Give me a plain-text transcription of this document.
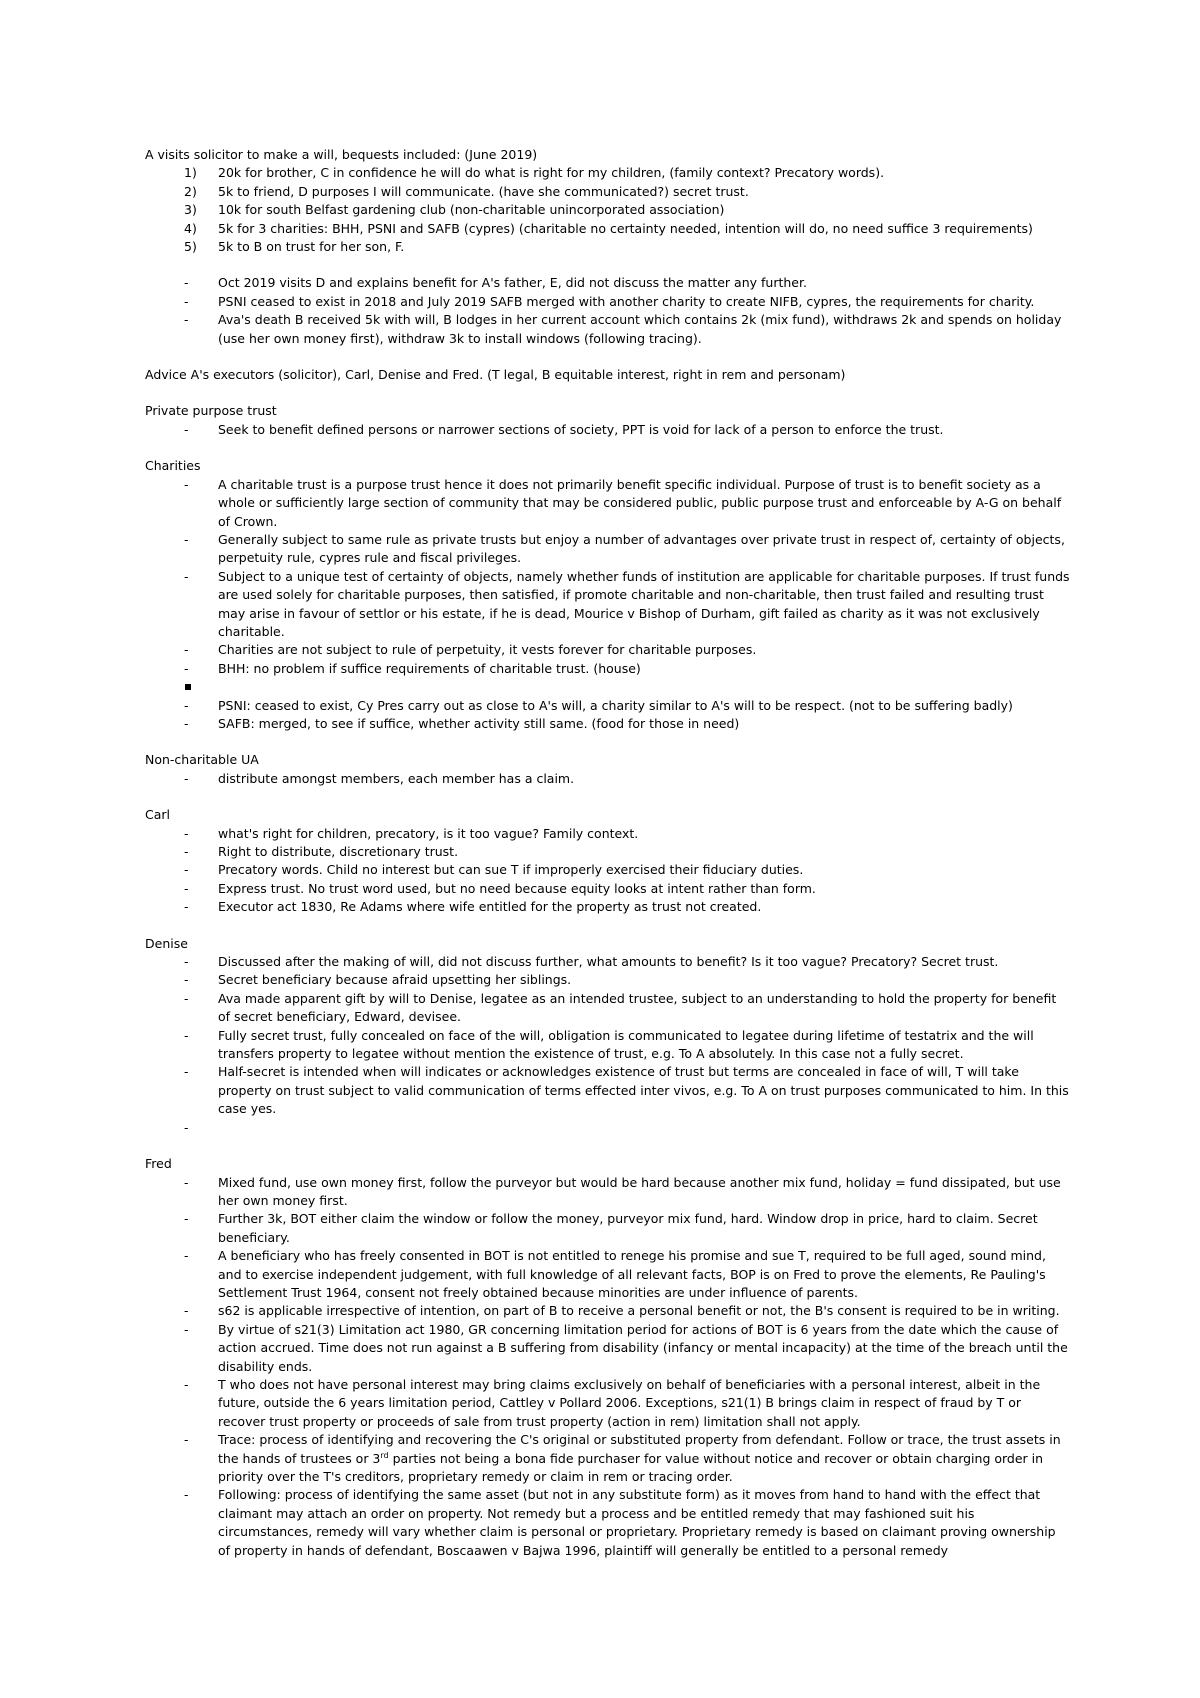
A visits solicitor to make a will, bequests included: (June 2019)

1) 20k for brother, C in confidence he will do what is right for my children, (family context? Precatory words).
2) 5k to friend, D purposes I will communicate. (have she communicated?) secret trust.
3) 10k for south Belfast gardening club (non-charitable unincorporated association)
4) 5k for 3 charities: BHH, PSNI and SAFB (cypres) (charitable no certainty needed, intention will do, no need suffice 3 requirements)
5) 5k to B on trust for her son, F.
- Oct 2019 visits D and explains benefit for A's father, E, did not discuss the matter any further.
- PSNI ceased to exist in 2018 and July 2019 SAFB merged with another charity to create NIFB, cypres, the requirements for charity.
- Ava's death B received 5k with will, B lodges in her current account which contains 2k (mix fund), withdraws 2k and spends on holiday (use her own money first), withdraw 3k to install windows (following tracing).

Advice A's executors (solicitor), Carl, Denise and Fred. (T legal, B equitable interest, right in rem and personam)

Private purpose trust

- Seek to benefit defined persons or narrower sections of society, PPT is void for lack of a person to enforce the trust.

Charities

- A charitable trust is a purpose trust hence it does not primarily benefit specific individual. Purpose of trust is to benefit society as a whole or sufficiently large section of community that may be considered public, public purpose trust and enforceable by A-G on behalf of Crown.
- Generally subject to same rule as private trusts but enjoy a number of advantages over private trust in respect of, certainty of objects, perpetuity rule, cypres rule and fiscal privileges.
- Subject to a unique test of certainty of objects, namely whether funds of institution are applicable for charitable purposes. If trust funds are used solely for charitable purposes, then satisfied, if promote charitable and non-charitable, then trust failed and resulting trust may arise in favour of settlor or his estate, if he is dead, Mourice v Bishop of Durham, gift failed as charity as it was not exclusively charitable.
- Charities are not subject to rule of perpetuity, it vests forever for charitable purposes.
- BHH: no problem if suffice requirements of charitable trust. (house)

- PSNI: ceased to exist, Cy Pres carry out as close to A's will, a charity similar to A's will to be respect. (not to be suffering badly)
- SAFB: merged, to see if suffice, whether activity still same. (food for those in need)

Non-charitable UA

- distribute amongst members, each member has a claim.

Carl

- what's right for children, precatory, is it too vague? Family context.
- Right to distribute, discretionary trust.
- Precatory words. Child no interest but can sue T if improperly exercised their fiduciary duties.
- Express trust. No trust word used, but no need because equity looks at intent rather than form.
- Executor act 1830, Re Adams where wife entitled for the property as trust not created.

Denise

- Discussed after the making of will, did not discuss further, what amounts to benefit? Is it too vague? Precatory? Secret trust.
- Secret beneficiary because afraid upsetting her siblings.
- Ava made apparent gift by will to Denise, legatee as an intended trustee, subject to an understanding to hold the property for benefit of secret beneficiary, Edward, devisee.
- Fully secret trust, fully concealed on face of the will, obligation is communicated to legatee during lifetime of testatrix and the will transfers property to legatee without mention the existence of trust, e.g. To A absolutely. In this case not a fully secret.
- Half-secret is intended when will indicates or acknowledges existence of trust but terms are concealed in face of will, T will take property on trust subject to valid communication of terms effected inter vivos, e.g. To A on trust purposes communicated to him. In this case yes.
-

Fred

- Mixed fund, use own money first, follow the purveyor but would be hard because another mix fund, holiday = fund dissipated, but use her own money first.
- Further 3k, BOT either claim the window or follow the money, purveyor mix fund, hard. Window drop in price, hard to claim. Secret beneficiary.
- A beneficiary who has freely consented in BOT is not entitled to renege his promise and sue T, required to be full aged, sound mind, and to exercise independent judgement, with full knowledge of all relevant facts, BOP is on Fred to prove the elements, Re Pauling's Settlement Trust 1964, consent not freely obtained because minorities are under influence of parents.
- s62 is applicable irrespective of intention, on part of B to receive a personal benefit or not, the B's consent is required to be in writing.
- By virtue of s21(3) Limitation act 1980, GR concerning limitation period for actions of BOT is 6 years from the date which the cause of action accrued. Time does not run against a B suffering from disability (infancy or mental incapacity) at the time of the breach until the disability ends.
- T who does not have personal interest may bring claims exclusively on behalf of beneficiaries with a personal interest, albeit in the future, outside the 6 years limitation period, Cattley v Pollard 2006. Exceptions, s21(1) B brings claim in respect of fraud by T or recover trust property or proceeds of sale from trust property (action in rem) limitation shall not apply.
- Trace: process of identifying and recovering the C's original or substituted property from defendant. Follow or trace, the trust assets in the hands of trustees or 3rd parties not being a bona fide purchaser for value without notice and recover or obtain charging order in priority over the T's creditors, proprietary remedy or claim in rem or tracing order.
- Following: process of identifying the same asset (but not in any substitute form) as it moves from hand to hand with the effect that claimant may attach an order on property. Not remedy but a process and be entitled remedy that may fashioned suit his circumstances, remedy will vary whether claim is personal or proprietary. Proprietary remedy is based on claimant proving ownership of property in hands of defendant, Boscaawen v Bajwa 1996, plaintiff will generally be entitled to a personal remedy
